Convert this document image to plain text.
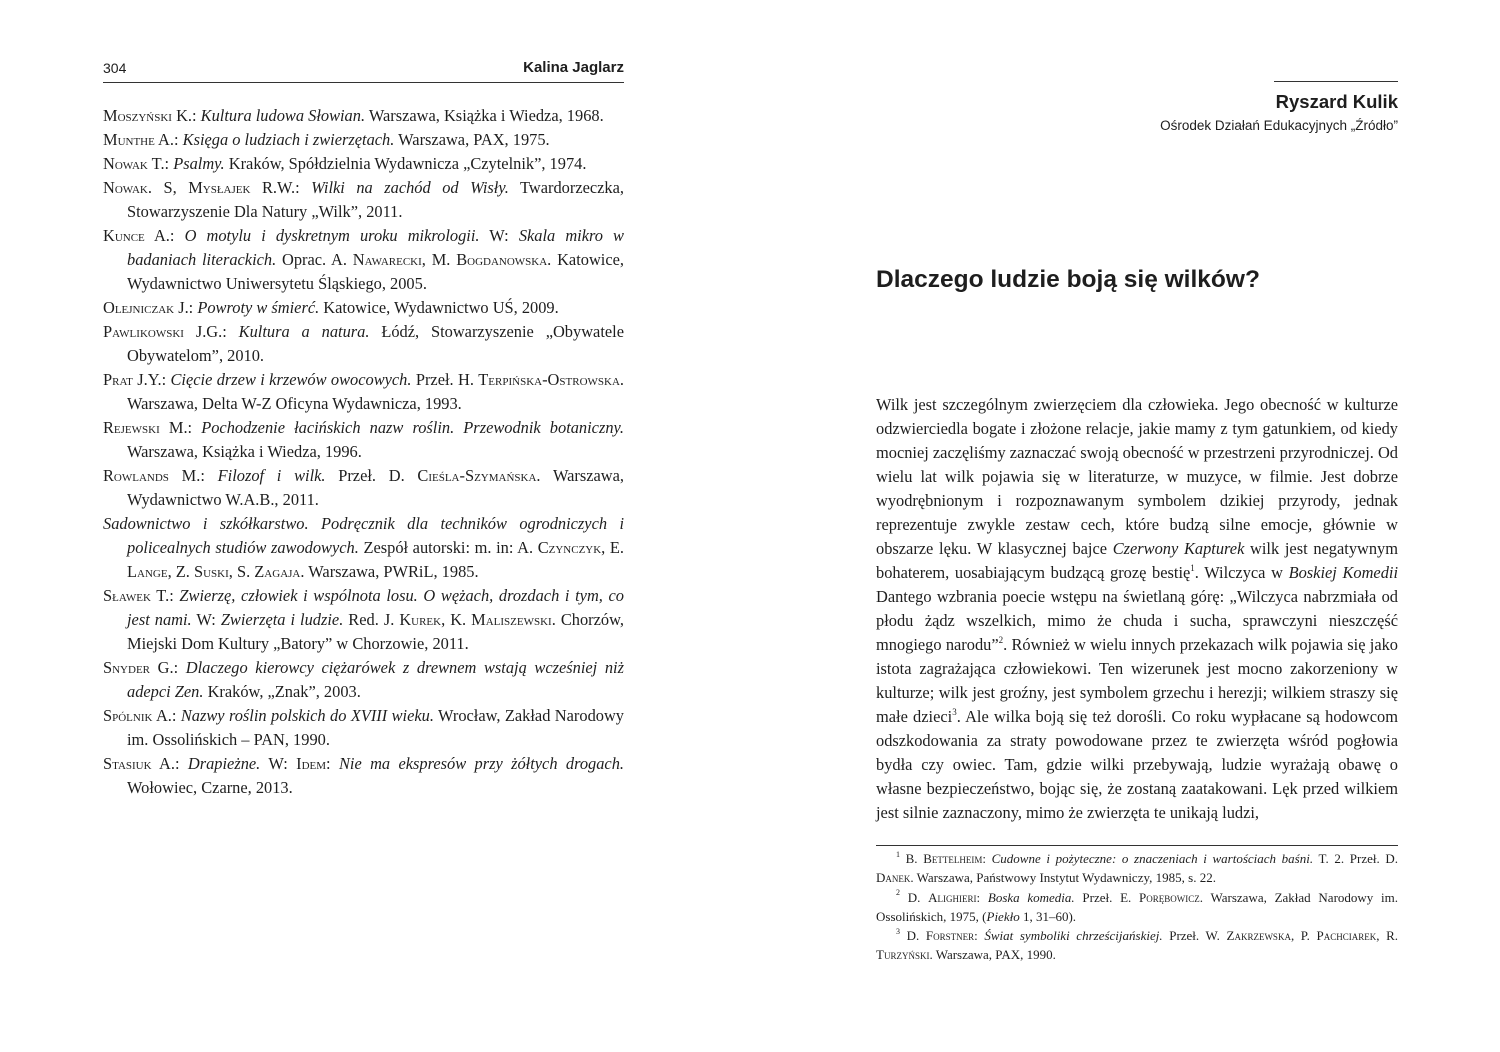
304	Kalina Jaglarz

Moszyński K.: Kultura ludowa Słowian. Warszawa, Książka i Wiedza, 1968.

Munthe A.: Księga o ludziach i zwierzętach. Warszawa, PAX, 1975.

Nowak T.: Psalmy. Kraków, Spółdzielnia Wydawnicza „Czytelnik”, 1974.

Nowak. S, Mysłajek R.W.: Wilki na zachód od Wisły. Twardorzeczka, Stowarzyszenie Dla Natury „Wilk”, 2011.

Kunce A.: O motylu i dyskretnym uroku mikrologii. W: Skala mikro w badaniach literackich. Oprac. A. Nawarecki, M. Bogdanowska. Katowice, Wydawnictwo Uniwersytetu Śląskiego, 2005.

Olejniczak J.: Powroty w śmierć. Katowice, Wydawnictwo UŚ, 2009.

Pawlikowski J.G.: Kultura a natura. Łódź, Stowarzyszenie „Obywatele Obywatelom”, 2010.

Prat J.Y.: Cięcie drzew i krzewów owocowych. Przeł. H. Terpińska-Ostrowska. Warszawa, Delta W-Z Oficyna Wydawnicza, 1993.

Rejewski M.: Pochodzenie łacińskich nazw roślin. Przewodnik botaniczny. Warszawa, Książka i Wiedza, 1996.

Rowlands M.: Filozof i wilk. Przeł. D. Cieśla-Szymańska. Warszawa, Wydawnictwo W.A.B., 2011.

Sadownictwo i szkółkarstwo. Podręcznik dla techników ogrodniczych i policealnych studiów zawodowych. Zespół autorski: m. in: A. Czynczyk, E. Lange, Z. Suski, S. Zagaja. Warszawa, PWRiL, 1985.

Sławek T.: Zwierzę, człowiek i wspólnota losu. O wężach, drozdach i tym, co jest nami. W: Zwierzęta i ludzie. Red. J. Kurek, K. Maliszewski. Chorzów, Miejski Dom Kultury „Batory” w Chorzowie, 2011.

Snyder G.: Dlaczego kierowcy ciężarówek z drewnem wstają wcześniej niż adepci Zen. Kraków, „Znak”, 2003.

Spólnik A.: Nazwy roślin polskich do XVIII wieku. Wrocław, Zakład Narodowy im. Ossolińskich – PAN, 1990.

Stasiuk A.: Drapieżne. W: Idem: Nie ma ekspresów przy żółtych drogach. Wołowiec, Czarne, 2013.

Ryszard Kulik
Ośrodek Działań Edukacyjnych „Źródło”
Dlaczego ludzie boją się wilków?

Wilk jest szczególnym zwierzęciem dla człowieka. Jego obecność w kulturze odzwierciedla bogate i złożone relacje, jakie mamy z tym gatunkiem, od kiedy mocniej zaczęliśmy zaznaczać swoją obecność w przestrzeni przyrodniczej. Od wielu lat wilk pojawia się w literaturze, w muzyce, w filmie. Jest dobrze wyodrębnionym i rozpoznawanym symbolem dzikiej przyrody, jednak reprezentuje zwykle zestaw cech, które budzą silne emocje, głównie w obszarze lęku. W klasycznej bajce Czerwony Kapturek wilk jest negatywnym bohaterem, uosabiającym budzącą grozę bestię$^1$. Wilczyca w Boskiej Komedii Dantego wzbrania poecie wstępu na świetlaną górę: „Wilczyca nabrzmiała od płodu żądz wszelkich, mimo że chuda i sucha, sprawczyni nieszczęść mnogiego narodu”$^2$. Również w wielu innych przekazach wilk pojawia się jako istota zagrażająca człowiekowi. Ten wizerunek jest mocno zakorzeniony w kulturze; wilk jest groźny, jest symbolem grzechu i herezji; wilkiem straszy się małe dzieci$^3$. Ale wilka boją się też dorośli. Co roku wypłacane są hodowcom odszkodowania za straty powodowane przez te zwierzęta wśród pogłowia bydła czy owiec. Tam, gdzie wilki przebywają, ludzie wyrażają obawę o własne bezpieczeństwo, bojąc się, że zostaną zaatakowani. Lęk przed wilkiem jest silnie zaznaczony, mimo że zwierzęta te unikają ludzi,

$^1$ B. Bettelheim: Cudowne i pożyteczne: o znaczeniach i wartościach baśni. T. 2. Przeł. D. Danek. Warszawa, Państwowy Instytut Wydawniczy, 1985, s. 22.

$^2$ D. Alighieri: Boska komedia. Przeł. E. Porębowicz. Warszawa, Zakład Narodowy im. Ossolińskich, 1975, (Piekło 1, 31–60).

$^3$ D. Forstner: Świat symboliki chrześcijańskiej. Przeł. W. Zakrzewska, P. Pachciarek, R. Turzyński. Warszawa, PAX, 1990.
